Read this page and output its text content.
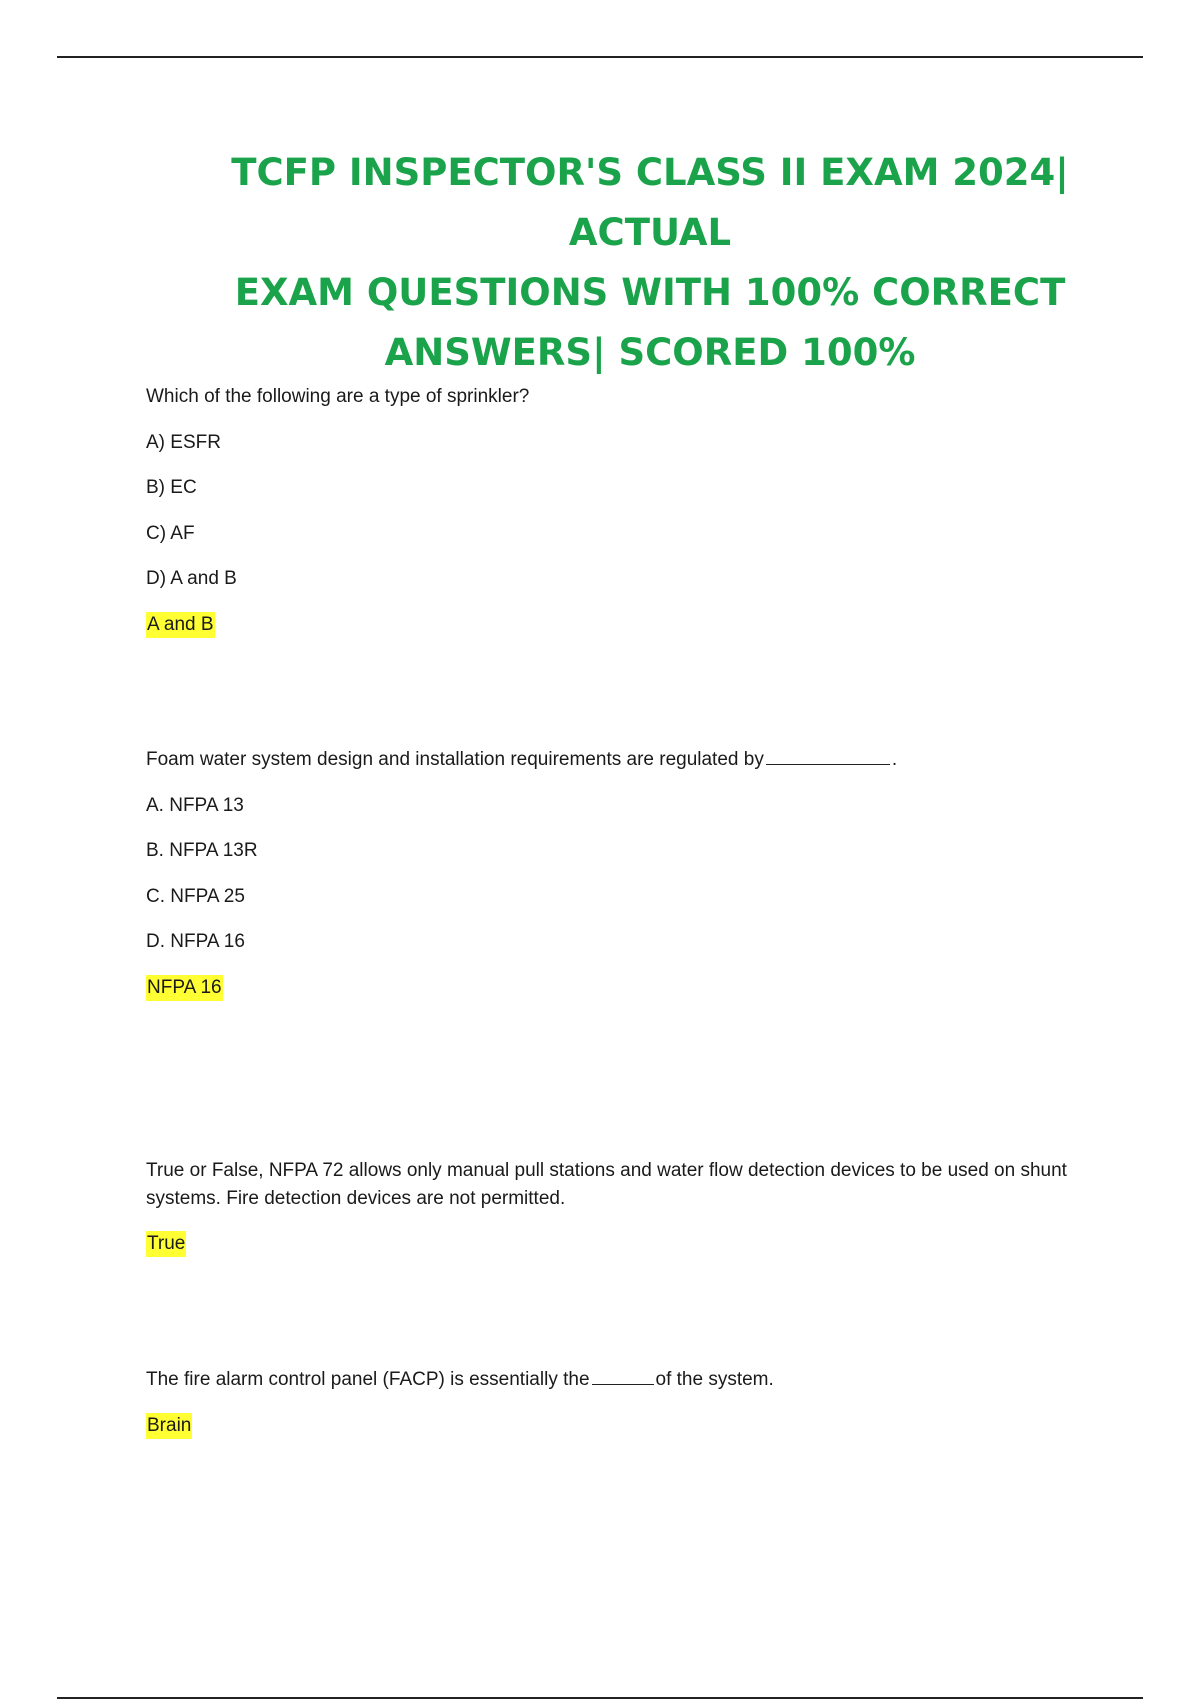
TCFP INSPECTOR'S CLASS II EXAM 2024| ACTUAL
EXAM QUESTIONS WITH 100% CORRECT
ANSWERS| SCORED 100%
Which of the following are a type of sprinkler?
A) ESFR
B) EC
C) AF
D) A and B
A and B
Foam water system design and installation requirements are regulated by	.
A. NFPA 13
B. NFPA 13R
C. NFPA 25
D. NFPA 16
NFPA 16
True or False, NFPA 72 allows only manual pull stations and water flow detection devices to be used on shunt systems. Fire detection devices are not permitted.
True
The fire alarm control panel (FACP) is essentially the	of the system.
Brain
